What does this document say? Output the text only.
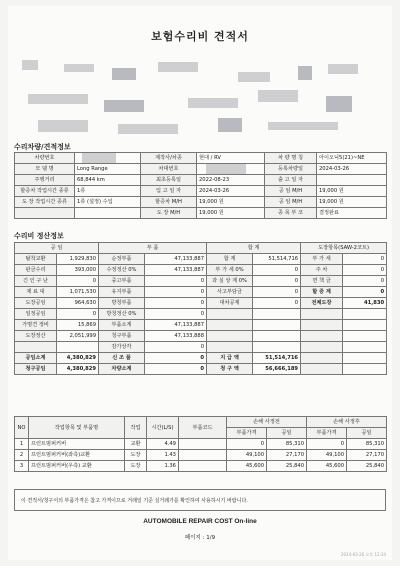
보험수리비 견적서
수리차량/견적정보
차량번호		제작사/차종	현대 / RV	차 량 명 칭	아이오닉5(21)~NE
모 델 명	Long Range	차대번호		등록차량일	2024-03-26
주행거리	68,844 km	최초등록일	2022-08-23	출 고 일 자	
할증차 작업시간 종류	1류	입 고 일 자	2024-03-26	공 임 M/H	19,000 원
도 장 작업시간 종류	1류 (설정) 수입	할증차 M/H	19,000 원	공 임 M/H	19,000 원
		도 장 M/H	19,000 원	종 목 부 코	결정완료
수리비 정산정보
공 임		부 품		합 계		도장항목(SAW-2코트)	
탈착교환	1,929,830	순정부품	47,133,887	합 계	51,514,716	부 가 세	0
판금수리	393,000	수정정산 0%	47,133,887	부 가 세 0%	0	주 차	0
긴 인 구 난	0	중고부품	0	과 실 상 계 0%	0	면 책 금	0
제 료 대	1,071,530	유지부품	0	사고부담금	0	할 증 계	0
도장공임	964,630	방청부품	0	대차공제	0	전체도장	41,830
일정공임	0	방청정산 0%	0				
가명견 정비	15,869	부품소계	47,133,887				
도장정산	2,051,999	청구부품	47,133,888				
		감가상각	0				
공임소계	4,380,829	신 조 품	0	지 급 액	51,514,716		
청구공임	4,380,829	차량소계	0	청 구 액	56,666,189		
NO	작업항목 및 부품명	작업	시간(L/S)	부품코드	손해 사정전		손해 사정후	
					부품가격	공임	부품가격	공임
1	프런트범퍼커버	교환	4.49		0	85,310	0	85,310
2	프런트범퍼커버(좌측)교환	도장	1.43		49,100	27,170	49,100	27,170
3	프런트범퍼커버(우측) 교환	도장	1.36		45,600	25,840	45,600	25,840
이 견적서/청구서의 부품가격은 참고 가격이므로 거래일 기준 실거래가를 확인하여 사용하시기 바랍니다.
AUTOMOBILE REPAIR COST On-line
페이지 : 1/9
2024-03-26 오후 12:34
